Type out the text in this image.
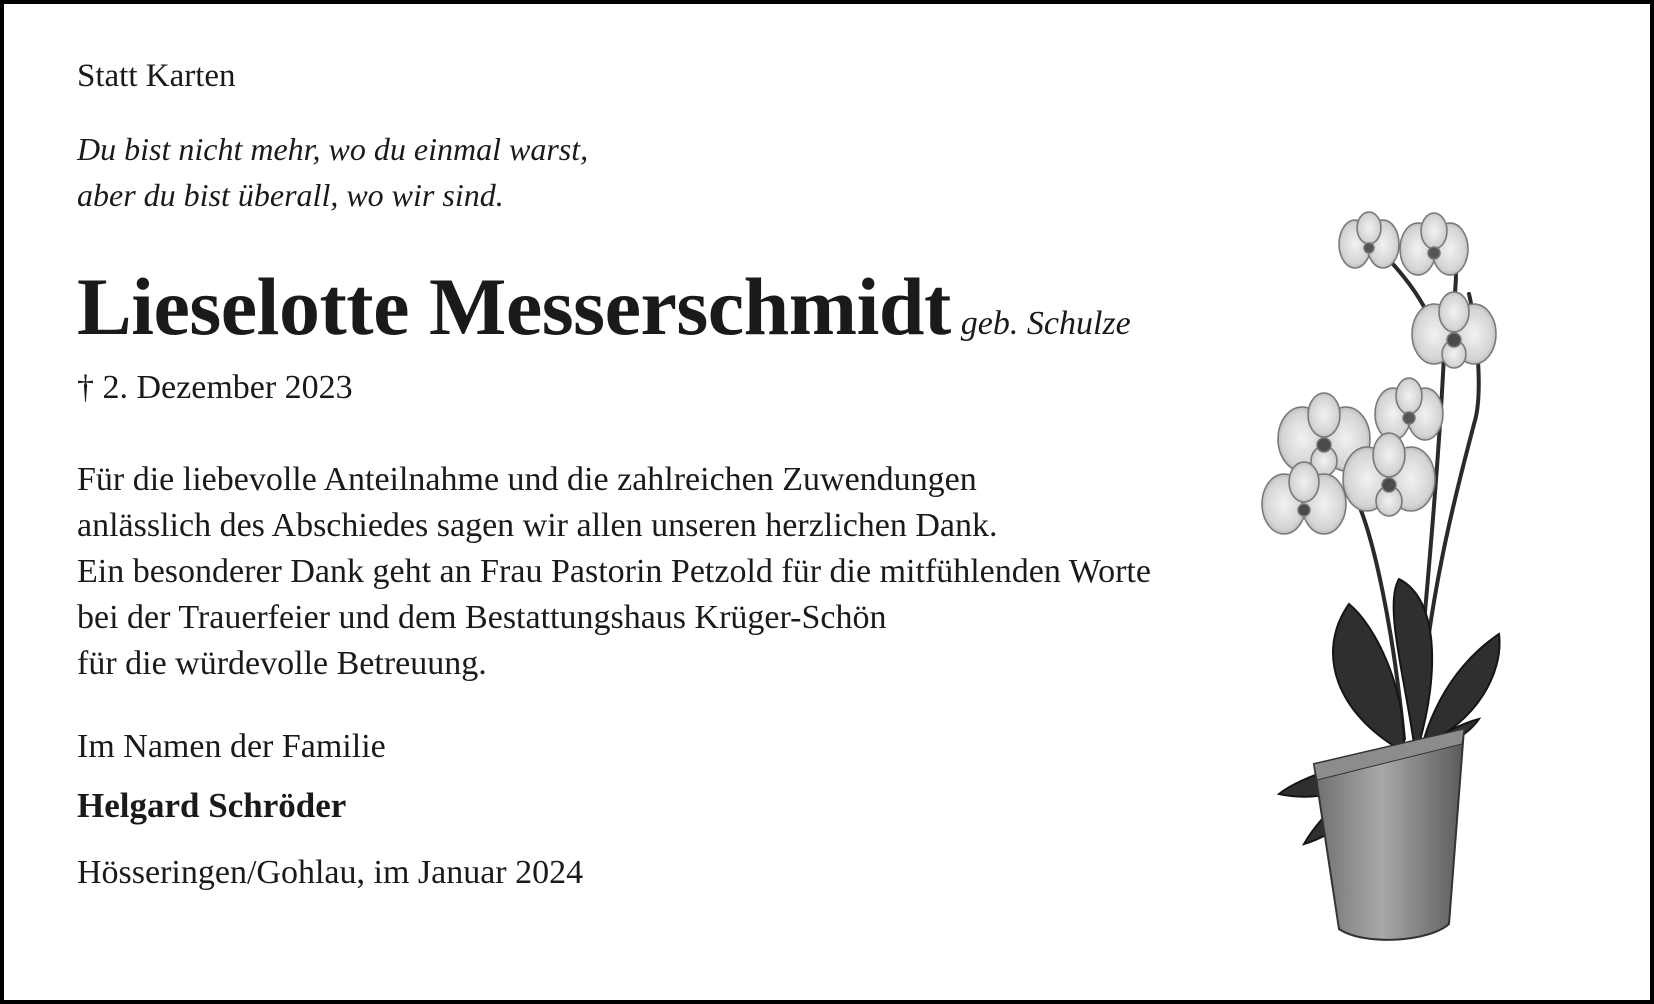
Statt Karten
Du bist nicht mehr, wo du einmal warst,
aber du bist überall, wo wir sind.
Lieselotte Messerschmidt geb. Schulze
† 2. Dezember 2023
Für die liebevolle Anteilnahme und die zahlreichen Zuwendungen
anlässlich des Abschiedes sagen wir allen unseren herzlichen Dank.
Ein besonderer Dank geht an Frau Pastorin Petzold für die mitfühlenden Worte
bei der Trauerfeier und dem Bestattungshaus Krüger-Schön
für die würdevolle Betreuung.
Im Namen der Familie
Helgard Schröder
Hösseringen/Gohlau, im Januar 2024
